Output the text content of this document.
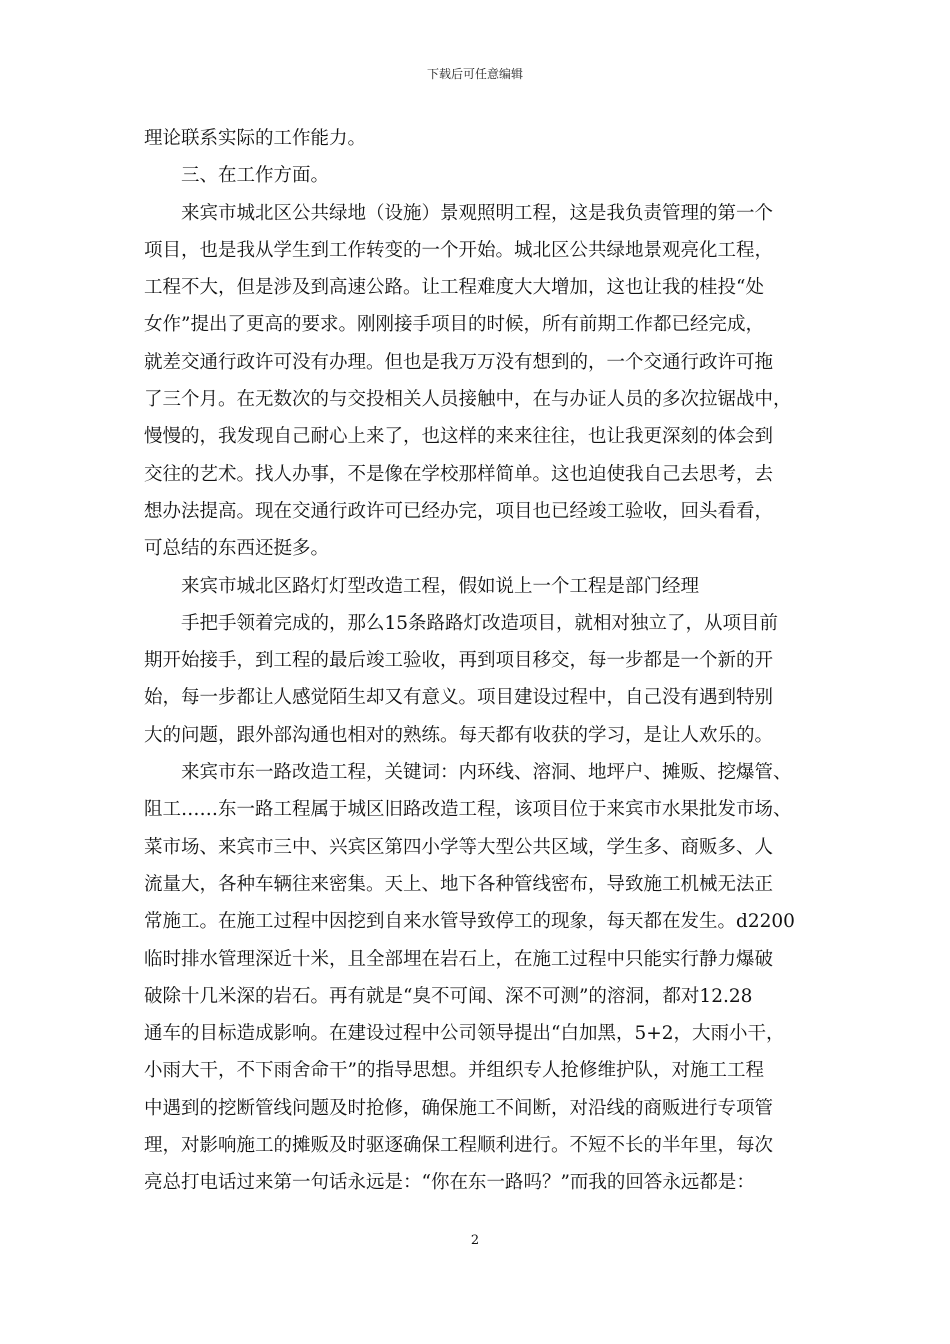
下载后可任意编辑
理论联系实际的工作能力。
　　三、在工作方面。
　　来宾市城北区公共绿地（设施）景观照明工程，这是我负责管理的第一个
项目，也是我从学生到工作转变的一个开始。城北区公共绿地景观亮化工程，
工程不大，但是涉及到高速公路。让工程难度大大增加，这也让我的桂投“处
女作”提出了更高的要求。刚刚接手项目的时候，所有前期工作都已经完成，
就差交通行政许可没有办理。但也是我万万没有想到的，一个交通行政许可拖
了三个月。在无数次的与交投相关人员接触中，在与办证人员的多次拉锯战中，
慢慢的，我发现自己耐心上来了，也这样的来来往往，也让我更深刻的体会到
交往的艺术。找人办事，不是像在学校那样简单。这也迫使我自己去思考，去
想办法提高。现在交通行政许可已经办完，项目也已经竣工验收，回头看看，
可总结的东西还挺多。
　　来宾市城北区路灯灯型改造工程，假如说上一个工程是部门经理
　　手把手领着完成的，那么15条路路灯改造项目，就相对独立了，从项目前
期开始接手，到工程的最后竣工验收，再到项目移交，每一步都是一个新的开
始，每一步都让人感觉陌生却又有意义。项目建设过程中，自己没有遇到特别
大的问题，跟外部沟通也相对的熟练。每天都有收获的学习，是让人欢乐的。
　　来宾市东一路改造工程，关键词：内环线、溶洞、地坪户、摊贩、挖爆管、
阻工……东一路工程属于城区旧路改造工程，该项目位于来宾市水果批发市场、
菜市场、来宾市三中、兴宾区第四小学等大型公共区域，学生多、商贩多、人
流量大，各种车辆往来密集。天上、地下各种管线密布，导致施工机械无法正
常施工。在施工过程中因挖到自来水管导致停工的现象，每天都在发生。d2200
临时排水管理深近十米，且全部埋在岩石上，在施工过程中只能实行静力爆破
破除十几米深的岩石。再有就是“臭不可闻、深不可测”的溶洞，都对12.28
通车的目标造成影响。在建设过程中公司领导提出“白加黑，5+2，大雨小干，
小雨大干，不下雨舍命干”的指导思想。并组织专人抢修维护队，对施工工程
中遇到的挖断管线问题及时抢修，确保施工不间断，对沿线的商贩进行专项管
理，对影响施工的摊贩及时驱逐确保工程顺利进行。不短不长的半年里，每次
亮总打电话过来第一句话永远是：“你在东一路吗？”而我的回答永远都是：
2
